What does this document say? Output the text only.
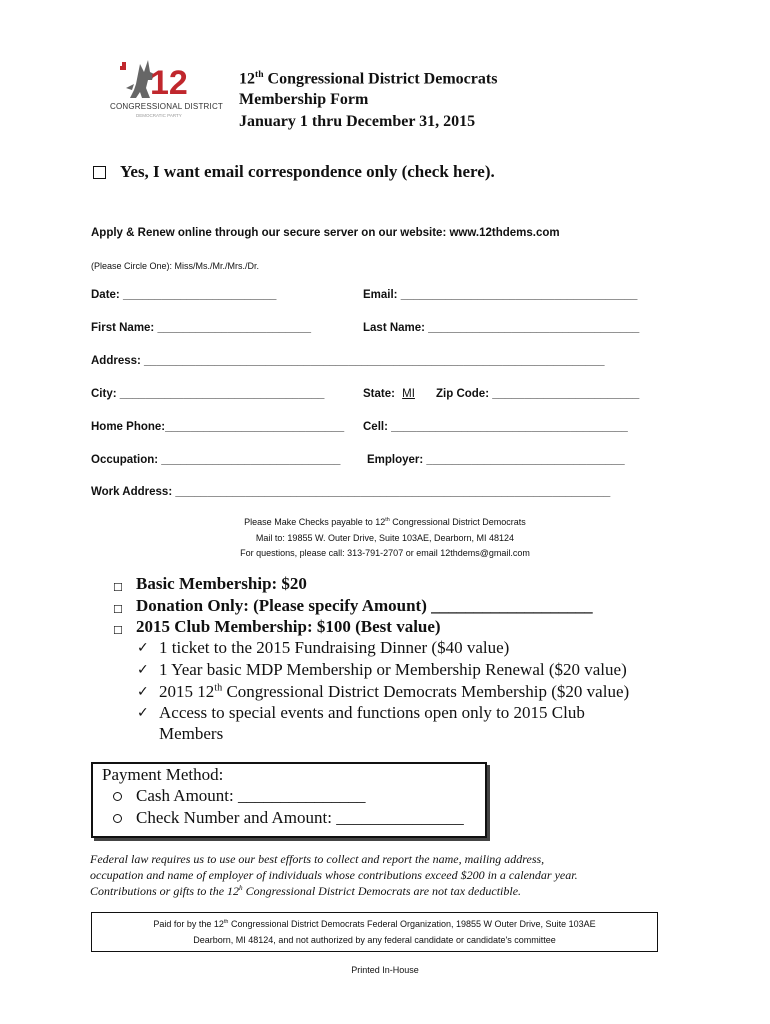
12
CONGRESSIONAL DISTRICT
DEMOCRATIC PARTY
12th Congressional District Democrats
Membership Form
January 1 thru December 31, 2015
Yes, I want email correspondence only (check here).
Apply & Renew online through our secure server on our website: www.12thdems.com
(Please Circle One): Miss/Ms./Mr./Mrs./Dr.
Date: ________________________	Email: _____________________________________
First Name: ________________________	Last Name: _________________________________
Address: ________________________________________________________________________
City: ________________________________	State: MI Zip Code: _______________________
Home Phone:____________________________ Cell: _____________________________________
Occupation: ____________________________ Employer: _______________________________
Work Address: ____________________________________________________________________
Please Make Checks payable to 12th Congressional District Democrats
Mail to: 19855 W. Outer Drive, Suite 103AE, Dearborn, MI 48124
For questions, please call: 313-791-2707 or email 12thdems@gmail.com
☐ Basic Membership: $20
☐ Donation Only: (Please specify Amount) ___________________
☐ 2015 Club Membership: $100 (Best value)
✓ 1 ticket to the 2015 Fundraising Dinner ($40 value)
✓ 1 Year basic MDP Membership or Membership Renewal ($20 value)
✓ 2015 12th Congressional District Democrats Membership ($20 value)
✓ Access to special events and functions open only to 2015 Club
Members
Payment Method:
Cash Amount: _______________
Check Number and Amount: _______________
Federal law requires us to use our best efforts to collect and report the name, mailing address,
occupation and name of employer of individuals whose contributions exceed $200 in a calendar year.
Contributions or gifts to the 12$^h$ Congressional District Democrats are not tax deductible.
Paid for by the 12th Congressional District Democrats Federal Organization, 19855 W Outer Drive, Suite 103AE
Dearborn, MI 48124, and not authorized by any federal candidate or candidate's committee
Printed In-House
